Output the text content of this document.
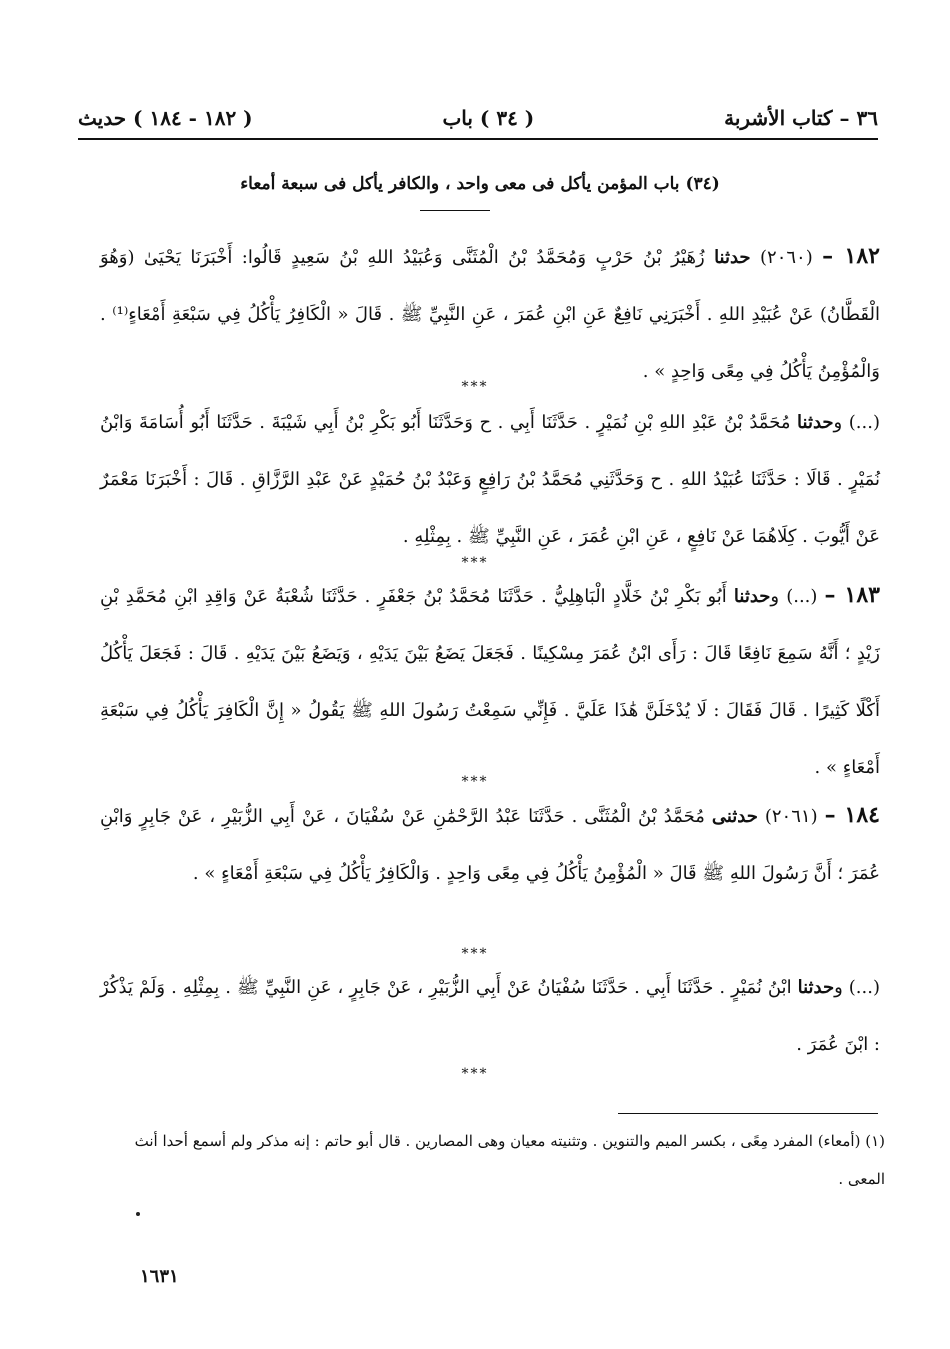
٣٦ – كتاب الأشربة
( ٣٤ ) باب
( ١٨٢ - ١٨٤ ) حديث
(٣٤) باب المؤمن يأكل فى معى واحد ، والكافر يأكل فى سبعة أمعاء
١٨٢ – (٢٠٦٠) حدثنا زُهَيْرُ بْنُ حَرْبٍ وَمُحَمَّدُ بْنُ الْمُثَنَّى وَعُبَيْدُ اللهِ بْنُ سَعِيدٍ قَالُوا: أَخْبَرَنَا يَحْيَىٰ (وَهُوَ الْقَطَّانُ) عَنْ عُبَيْدِ اللهِ . أَخْبَرَنِي نَافِعٌ عَنِ ابْنِ عُمَرَ ، عَنِ النَّبِيِّ ﷺ . قَالَ « الْكَافِرُ يَأْكُلُ فِي سَبْعَةِ أَمْعَاءٍ⁽¹⁾ . وَالْمُؤْمِنُ يَأْكُلُ فِي مِعًى وَاحِدٍ » .
***
(...) وحدثنا مُحَمَّدُ بْنُ عَبْدِ اللهِ بْنِ نُمَيْرٍ . حَدَّثَنَا أَبِي . ح وَحَدَّثَنَا أَبُو بَكْرِ بْنُ أَبِي شَيْبَةَ . حَدَّثَنَا أَبُو أُسَامَةَ وَابْنُ نُمَيْرٍ . قَالَا : حَدَّثَنَا عُبَيْدُ اللهِ . ح وَحَدَّثَنِي مُحَمَّدُ بْنُ رَافِعٍ وَعَبْدُ بْنُ حُمَيْدٍ عَنْ عَبْدِ الرَّزَّاقِ . قَالَ : أَخْبَرَنَا مَعْمَرٌ عَنْ أَيُّوبَ . كِلَاهُمَا عَنْ نَافِعٍ ، عَنِ ابْنِ عُمَرَ ، عَنِ النَّبِيِّ ﷺ . بِمِثْلِهِ .
***
١٨٣ – (...) وحدثنا أَبُو بَكْرِ بْنُ خَلَّادٍ الْبَاهِلِيُّ . حَدَّثَنَا مُحَمَّدُ بْنُ جَعْفَرٍ . حَدَّثَنَا شُعْبَةُ عَنْ وَاقِدِ ابْنِ مُحَمَّدِ بْنِ زَيْدٍ ؛ أَنَّهُ سَمِعَ نَافِعًا قَالَ : رَأَى ابْنُ عُمَرَ مِسْكِينًا . فَجَعَلَ يَضَعُ بَيْنَ يَدَيْهِ ، وَيَضَعُ بَيْنَ يَدَيْهِ . قَالَ : فَجَعَلَ يَأْكُلُ أَكْلًا كَثِيرًا . قَالَ فَقَالَ : لَا يُدْخَلَنَّ هَٰذَا عَلَيَّ . فَإِنِّي سَمِعْتُ رَسُولَ اللهِ ﷺ يَقُولُ « إِنَّ الْكَافِرَ يَأْكُلُ فِي سَبْعَةِ أَمْعَاءٍ » .
***
١٨٤ – (٢٠٦١) حدثنى مُحَمَّدُ بْنُ الْمُثَنَّى . حَدَّثَنَا عَبْدُ الرَّحْمَٰنِ عَنْ سُفْيَانَ ، عَنْ أَبِي الزُّبَيْرِ ، عَنْ جَابِرٍ وَابْنِ عُمَرَ ؛ أَنَّ رَسُولَ اللهِ ﷺ قَالَ « الْمُؤْمِنُ يَأْكُلُ فِي مِعًى وَاحِدٍ . وَالْكَافِرُ يَأْكُلُ فِي سَبْعَةِ أَمْعَاءٍ » .
***
(...) وحدثنا ابْنُ نُمَيْرٍ . حَدَّثَنَا أَبِي . حَدَّثَنَا سُفْيَانُ عَنْ أَبِي الزُّبَيْرِ ، عَنْ جَابِرٍ ، عَنِ النَّبِيِّ ﷺ . بِمِثْلِهِ . وَلَمْ يَذْكُرْ : ابْنَ عُمَرَ .
***
(١) (أمعاء) المفرد مِعًى ، بكسر الميم والتنوين . وتثنيته معيان وهى المصارين . قال أبو حاتم : إنه مذكر ولم أسمع أحدا أنث المعى .
١٦٣١
